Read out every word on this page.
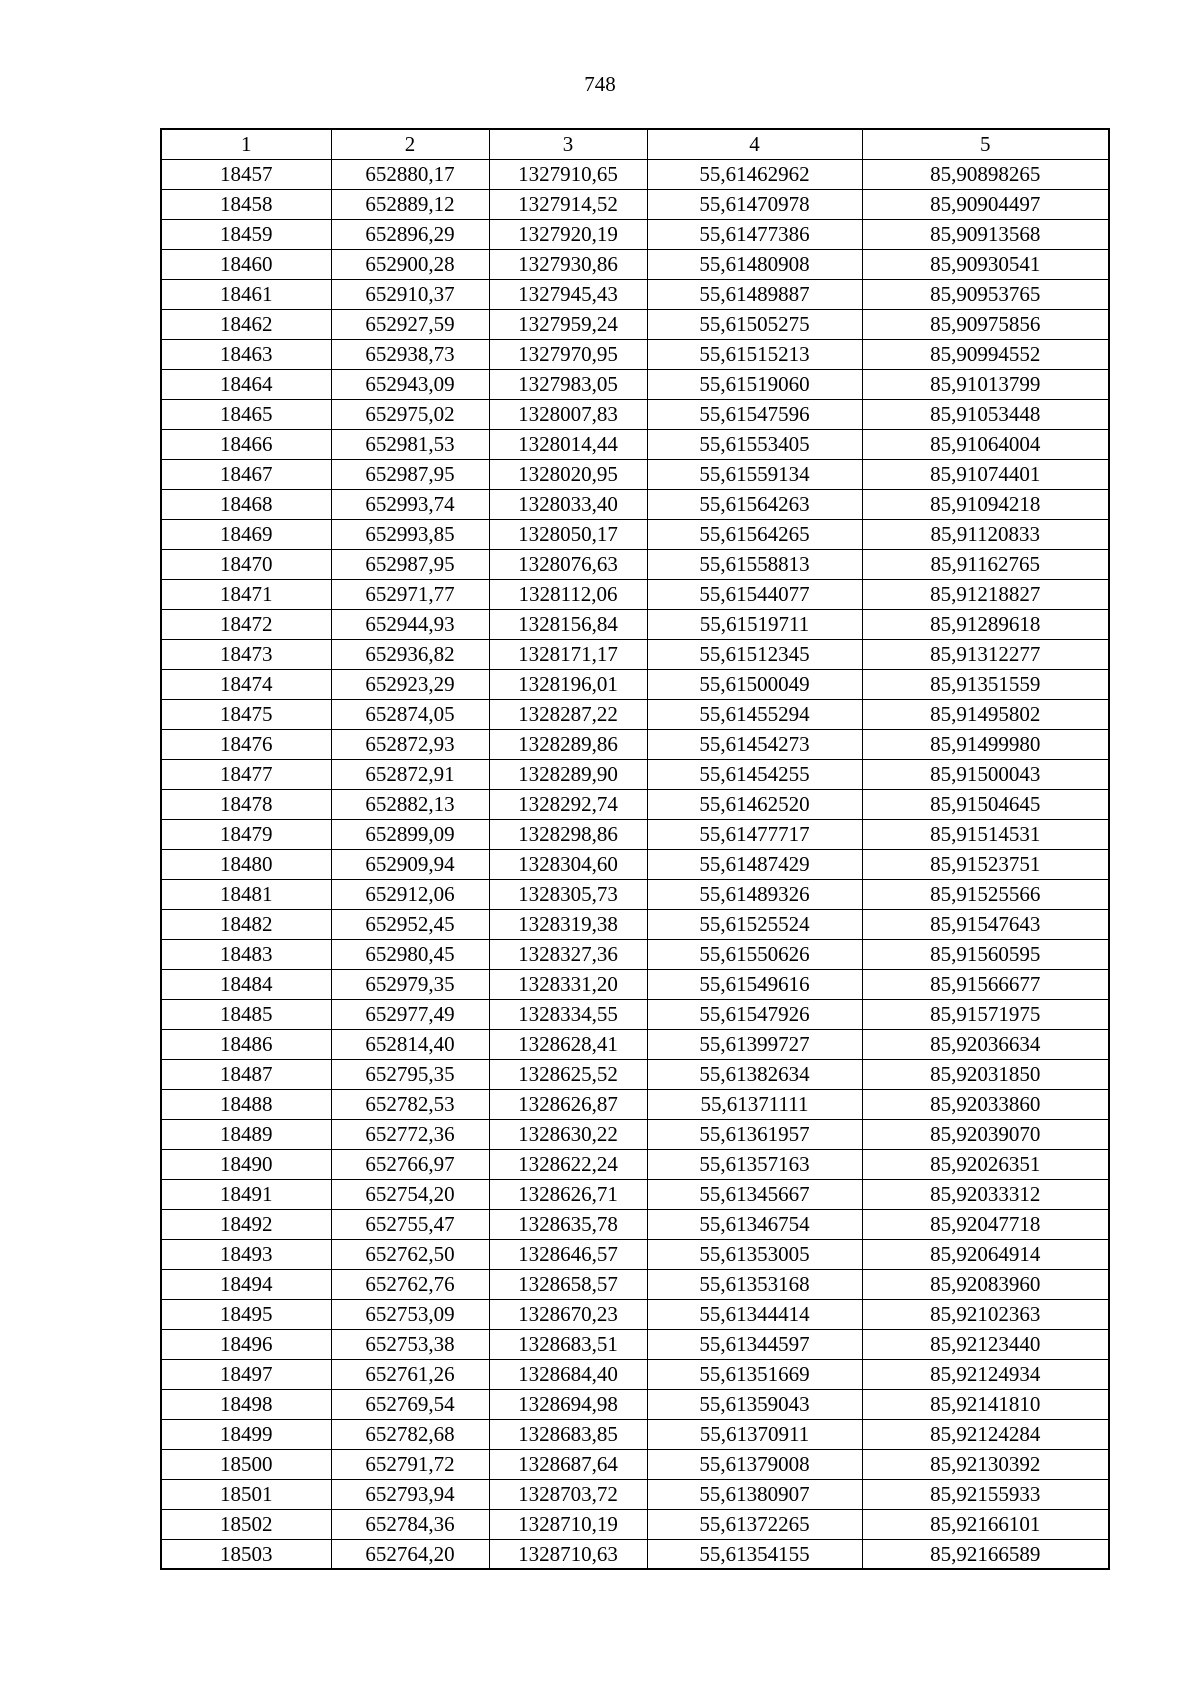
748
1	2	3	4	5
18457	652880,17	1327910,65	55,61462962	85,90898265
18458	652889,12	1327914,52	55,61470978	85,90904497
18459	652896,29	1327920,19	55,61477386	85,90913568
18460	652900,28	1327930,86	55,61480908	85,90930541
18461	652910,37	1327945,43	55,61489887	85,90953765
18462	652927,59	1327959,24	55,61505275	85,90975856
18463	652938,73	1327970,95	55,61515213	85,90994552
18464	652943,09	1327983,05	55,61519060	85,91013799
18465	652975,02	1328007,83	55,61547596	85,91053448
18466	652981,53	1328014,44	55,61553405	85,91064004
18467	652987,95	1328020,95	55,61559134	85,91074401
18468	652993,74	1328033,40	55,61564263	85,91094218
18469	652993,85	1328050,17	55,61564265	85,91120833
18470	652987,95	1328076,63	55,61558813	85,91162765
18471	652971,77	1328112,06	55,61544077	85,91218827
18472	652944,93	1328156,84	55,61519711	85,91289618
18473	652936,82	1328171,17	55,61512345	85,91312277
18474	652923,29	1328196,01	55,61500049	85,91351559
18475	652874,05	1328287,22	55,61455294	85,91495802
18476	652872,93	1328289,86	55,61454273	85,91499980
18477	652872,91	1328289,90	55,61454255	85,91500043
18478	652882,13	1328292,74	55,61462520	85,91504645
18479	652899,09	1328298,86	55,61477717	85,91514531
18480	652909,94	1328304,60	55,61487429	85,91523751
18481	652912,06	1328305,73	55,61489326	85,91525566
18482	652952,45	1328319,38	55,61525524	85,91547643
18483	652980,45	1328327,36	55,61550626	85,91560595
18484	652979,35	1328331,20	55,61549616	85,91566677
18485	652977,49	1328334,55	55,61547926	85,91571975
18486	652814,40	1328628,41	55,61399727	85,92036634
18487	652795,35	1328625,52	55,61382634	85,92031850
18488	652782,53	1328626,87	55,61371111	85,92033860
18489	652772,36	1328630,22	55,61361957	85,92039070
18490	652766,97	1328622,24	55,61357163	85,92026351
18491	652754,20	1328626,71	55,61345667	85,92033312
18492	652755,47	1328635,78	55,61346754	85,92047718
18493	652762,50	1328646,57	55,61353005	85,92064914
18494	652762,76	1328658,57	55,61353168	85,92083960
18495	652753,09	1328670,23	55,61344414	85,92102363
18496	652753,38	1328683,51	55,61344597	85,92123440
18497	652761,26	1328684,40	55,61351669	85,92124934
18498	652769,54	1328694,98	55,61359043	85,92141810
18499	652782,68	1328683,85	55,61370911	85,92124284
18500	652791,72	1328687,64	55,61379008	85,92130392
18501	652793,94	1328703,72	55,61380907	85,92155933
18502	652784,36	1328710,19	55,61372265	85,92166101
18503	652764,20	1328710,63	55,61354155	85,92166589
